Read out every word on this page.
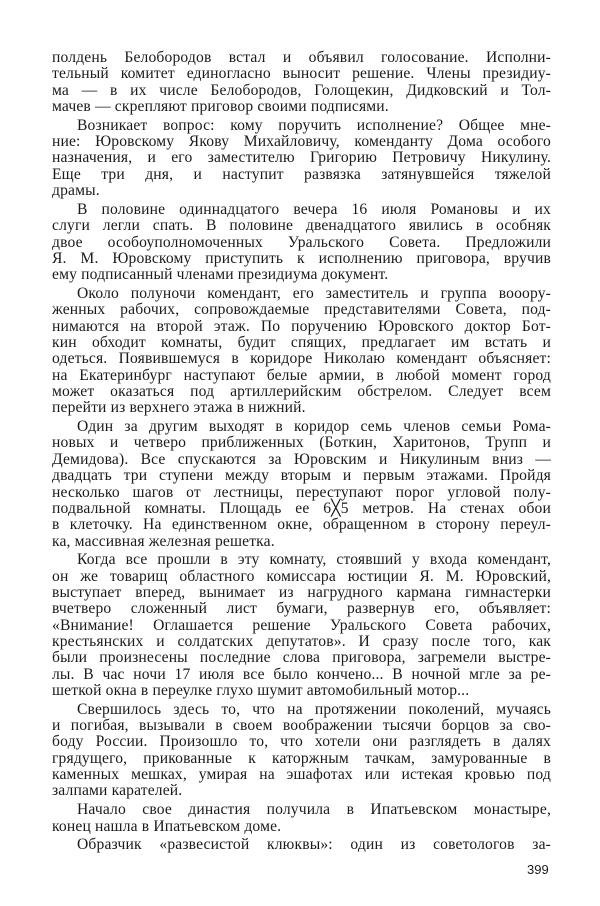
полдень Белобородов встал и объявил голосование. Исполни-
тельный комитет единогласно выносит решение. Члены президиу-
ма — в их числе Белобородов, Голощекин, Дидковский и Тол-
мачев — скрепляют приговор своими подписями.
Возникает вопрос: кому поручить исполнение? Общее мне-
ние: Юровскому Якову Михайловичу, коменданту Дома особого
назначения, и его заместителю Григорию Петровичу Никулину.
Еще три дня, и наступит развязка затянувшейся тяжелой
драмы.
В половине одиннадцатого вечера 16 июля Романовы и их
слуги легли спать. В половине двенадцатого явились в особняк
двое особоуполномоченных Уральского Совета. Предложили
Я. М. Юровскому приступить к исполнению приговора, вручив
ему подписанный членами президиума документ.
Около полуночи комендант, его заместитель и группа вооору-
женных рабочих, сопровождаемые представителями Совета, под-
нимаются на второй этаж. По поручению Юровского доктор Бот-
кин обходит комнаты, будит спящих, предлагает им встать и
одеться. Появившемуся в коридоре Николаю комендант объясняет:
на Екатеринбург наступают белые армии, в любой момент город
может оказаться под артиллерийским обстрелом. Следует всем
перейти из верхнего этажа в нижний.
Один за другим выходят в коридор семь членов семьи Рома-
новых и четверо приближенных (Боткин, Харитонов, Трупп и
Демидова). Все спускаются за Юровским и Никулиным вниз —
двадцать три ступени между вторым и первым этажами. Пройдя
несколько шагов от лестницы, переступают порог угловой полу-
подвальной комнаты. Площадь ее 6╳5 метров. На стенах обои
в клеточку. На единственном окне, обращенном в сторону переул-
ка, массивная железная решетка.
Когда все прошли в эту комнату, стоявший у входа комендант,
он же товарищ областного комиссара юстиции Я. М. Юровский,
выступает вперед, вынимает из нагрудного кармана гимнастерки
вчетверо сложенный лист бумаги, развернув его, объявляет:
«Внимание! Оглашается решение Уральского Совета рабочих,
крестьянских и солдатских депутатов». И сразу после того, как
были произнесены последние слова приговора, загремели выстре-
лы. В час ночи 17 июля все было кончено... В ночной мгле за ре-
шеткой окна в переулке глухо шумит автомобильный мотор...
Свершилось здесь то, что на протяжении поколений, мучаясь
и погибая, вызывали в своем воображении тысячи борцов за сво-
боду России. Произошло то, что хотели они разглядеть в далях
грядущего, прикованные к каторжным тачкам, замурованные в
каменных мешках, умирая на эшафотах или истекая кровью под
залпами карателей.
Начало свое династия получила в Ипатьевском монастыре,
конец нашла в Ипатьевском доме.
Образчик «развесистой клюквы»: один из советологов за-
399
